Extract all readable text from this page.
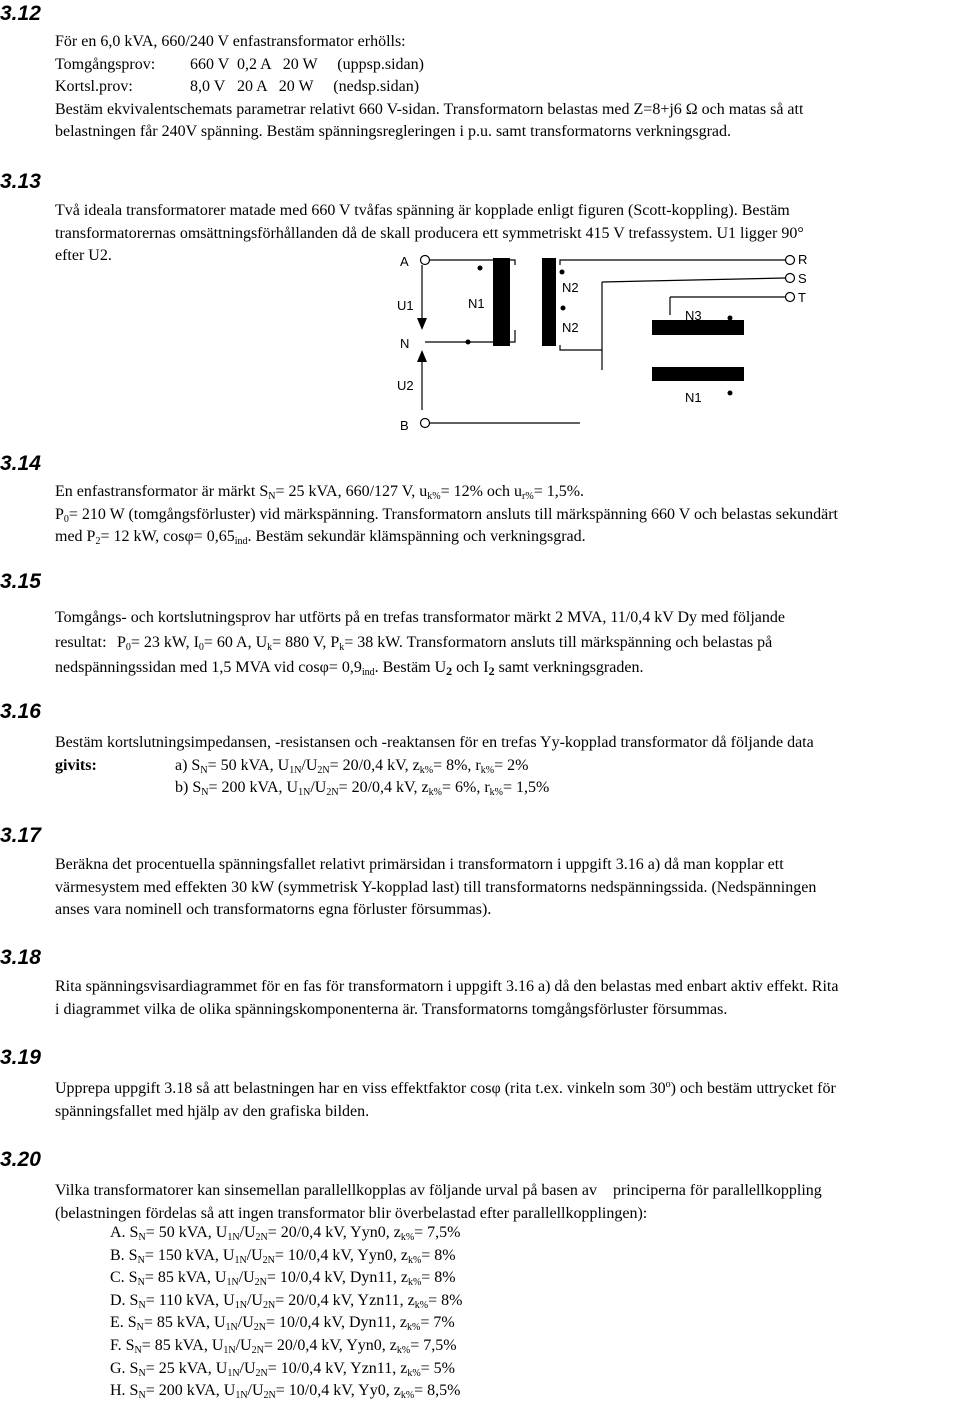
3.12
3.13
3.14
3.15
3.16
3.17
3.18
3.19
3.20
För en 6,0 kVA, 660/240 V enfastransformator erhölls:
Tomgångsprov: 660 V  0,2 A   20 W     (uppsp.sidan)
Kortsl.prov:	8,0 V   20 A   20 W     (nedsp.sidan)
Bestäm ekvivalentschemats parametrar relativt 660 V-sidan. Transformatorn belastas med Z=8+j6 Ω och matas så att
belastningen får 240V spänning. Bestäm spänningsregleringen i p.u. samt transformatorns verkningsgrad.
Två ideala transformatorer matade med 660 V tvåfas spänning är kopplade enligt figuren (Scott-koppling). Bestäm
transformatorernas omsättningsförhållanden då de skall producera ett symmetriskt 415 V trefassystem. U1 ligger 90°
efter U2.	A
U1
N
U2
B
N1
N2
N2
N3
N1
R
S
T
En enfastransformator är märkt $S_N= 25$ kVA, 660/127 V, $u_{k\%}= 12\%$ och $u_{r\%}= 1,5\%$.
$P_0= 210$ W (tomgångsförluster) vid märkspänning. Transformatorn ansluts till märkspänning 660 V och belastas sekundärt
med $P_2= 12$ kW, $\cos\varphi= 0,65_{ind}$. Bestäm sekundär klämspänning och verkningsgrad.
Tomgångs- och kortslutningsprov har utförts på en trefas transformator märkt 2 MVA, 11/0,4 kV Dy med följande
resultat: $P_0= 23$ kW, $I_0= 60$ A, $U_k= 880$ V, $P_k= 38$ kW. Transformatorn ansluts till märkspänning och belastas på
nedspänningssidan med 1,5 MVA vid $\cos\varphi= 0,9_{ind}$. Bestäm $U_2$ och $I_2$ samt verkningsgraden.
Bestäm kortslutningsimpedansen, -resistansen och -reaktansen för en trefas Yy-kopplad transformator då följande data
givits:	a) $S_N= 50$ kVA, $U_{1N}/U_{2N}= 20/0,4$ kV, $z_{k\%}= 8\%$, $r_{k\%}= 2\%$
b) $S_N= 200$ kVA, $U_{1N}/U_{2N}= 20/0,4$ kV, $z_{k\%}= 6\%$, $r_{k\%}= 1,5\%$
Beräkna det procentuella spänningsfallet relativt primärsidan i transformatorn i uppgift 3.16 a) då man kopplar ett
värmesystem med effekten 30 kW (symmetrisk Y-kopplad last) till transformatorns nedspänningssida. (Nedspänningen
anses vara nominell och transformatorns egna förluster försummas).
Rita spänningsvisardiagrammet för en fas för transformatorn i uppgift 3.16 a) då den belastas med enbart aktiv effekt. Rita
i diagrammet vilka de olika spänningskomponenterna är. Transformatorns tomgångsförluster försummas.
Upprepa uppgift 3.18 så att belastningen har en viss effektfaktor cosφ (rita t.ex. vinkeln som 30$^o$) och bestäm uttrycket för
spänningsfallet med hjälp av den grafiska bilden.
Vilka transformatorer kan sinsemellan parallellkopplas av följande urval på basen av    principerna för parallellkoppling
(belastningen fördelas så att ingen transformator blir överbelastad efter parallellkopplingen):
A. $S_N= 50$ kVA, $U_{1N}/U_{2N}= 20/0,4$ kV, Yyn0, $z_{k\%}= 7,5\%$
B. $S_N= 150$ kVA, $U_{1N}/U_{2N}= 10/0,4$ kV, Yyn0, $z_{k\%}= 8\%$
C. $S_N= 85$ kVA, $U_{1N}/U_{2N}= 10/0,4$ kV, Dyn11, $z_{k\%}= 8\%$
D. $S_N= 110$ kVA, $U_{1N}/U_{2N}= 20/0,4$ kV, Yzn11, $z_{k\%}= 8\%$
E. $S_N= 85$ kVA, $U_{1N}/U_{2N}= 10/0,4$ kV, Dyn11, $z_{k\%}= 7\%$
F. $S_N= 85$ kVA, $U_{1N}/U_{2N}= 20/0,4$ kV, Yyn0, $z_{k\%}= 7,5\%$
G. $S_N= 25$ kVA, $U_{1N}/U_{2N}= 10/0,4$ kV, Yzn11, $z_{k\%}= 5\%$
H. $S_N= 200$ kVA, $U_{1N}/U_{2N}= 10/0,4$ kV, Yy0, $z_{k\%}= 8,5\%$
